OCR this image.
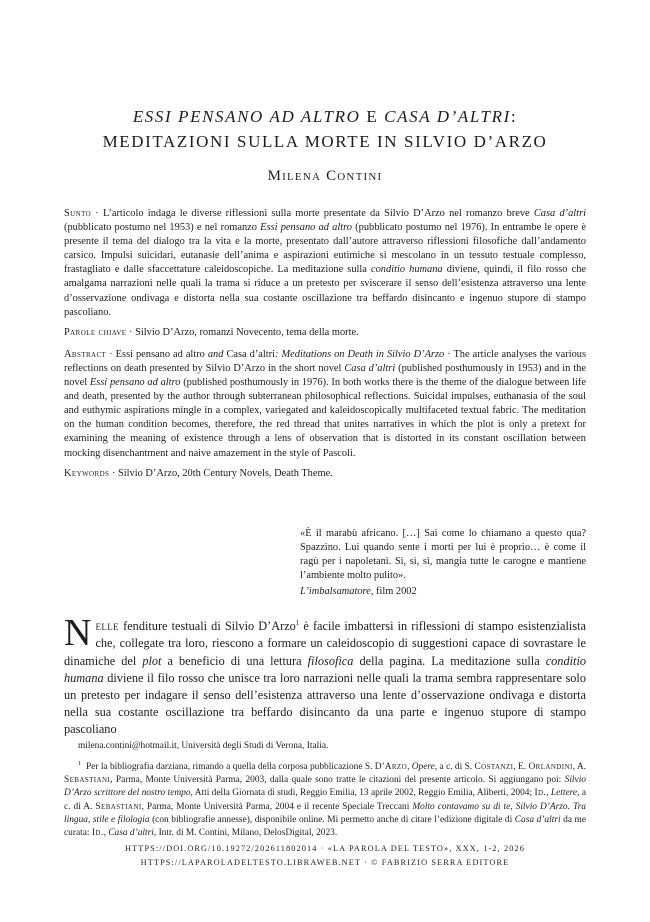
ESSI PENSANO AD ALTRO E CASA D’ALTRI:
MEDITAZIONI SULLA MORTE IN SILVIO D’ARZO
Milena Contini

Sunto · L’articolo indaga le diverse riflessioni sulla morte presentate da Silvio D’Arzo nel romanzo breve Casa d’altri (pubblicato postumo nel 1953) e nel romanzo Essi pensano ad altro (pubblicato postumo nel 1976). In entrambe le opere è presente il tema del dialogo tra la vita e la morte, presentato dall’autore attraverso riflessioni filosofiche dall’andamento carsico. Impulsi suicidari, eutanasie dell’anima e aspirazioni eutimiche si mescolano in un tessuto testuale complesso, frastagliato e dalle sfaccettature caleidoscopiche. La meditazione sulla conditio humana diviene, quindi, il filo rosso che amalgama narrazioni nelle quali la trama si riduce a un pretesto per sviscerare il senso dell’esistenza attraverso una lente d’osservazione ondivaga e distorta nella sua costante oscillazione tra beffardo disincanto e ingenuo stupore di stampo pascoliano.

Parole chiave · Silvio D’Arzo, romanzi Novecento, tema della morte.

Abstract · Essi pensano ad altro and Casa d’altri: Meditations on Death in Silvio D’Arzo · The article analyses the various reflections on death presented by Silvio D’Arzo in the short novel Casa d’altri (published posthumously in 1953) and in the novel Essi pensano ad altro (published posthumously in 1976). In both works there is the theme of the dialogue between life and death, presented by the author through subterranean philosophical reflections. Suicidal impulses, euthanasia of the soul and euthymic aspirations mingle in a complex, variegated and kaleidoscopically multifaceted textual fabric. The meditation on the human condition becomes, therefore, the red thread that unites narratives in which the plot is only a pretext for examining the meaning of existence through a lens of observation that is distorted in its constant oscillation between mocking disenchantment and naive amazement in the style of Pascoli.

Keywords · Silvio D’Arzo, 20th Century Novels, Death Theme.

«È il marabù africano. […] Sai come lo chiamano a questo qua? Spazzino. Lui quando sente i morti per lui è proprio… è come il ragù per i napoletani. Sì, sì, sì, mangia tutte le carogne e mantiene l’ambiente molto pulito».

L’imbalsamatore, film 2002

Nelle fenditure testuali di Silvio D’Arzo$^1$ è facile imbattersi in riflessioni di stampo esistenzialista che, collegate tra loro, riescono a formare un caleidoscopio di suggestioni capace di sovrastare le dinamiche del plot a beneficio di una lettura filosofica della pagina. La meditazione sulla conditio humana diviene il filo rosso che unisce tra loro narrazioni nelle quali la trama sembra rappresentare solo un pretesto per indagare il senso dell’esistenza attraverso una lente d’osservazione ondivaga e distorta nella sua costante oscillazione tra beffardo disincanto da una parte e ingenuo stupore di stampo pascoliano

milena.contini@hotmail.it, Università degli Studi di Verona, Italia.

$^1$ Per la bibliografia darziana, rimando a quella della corposa pubblicazione S. D’Arzo, Opere, a c. di S. Costanzi, E. Orlandini, A. Sebastiani, Parma, Monte Università Parma, 2003, dalla quale sono tratte le citazioni del presente articolo. Si aggiungano poi: Silvio D’Arzo scrittore del nostro tempo, Atti della Giornata di studi, Reggio Emilia, 13 aprile 2002, Reggio Emilia, Aliberti, 2004; Id., Lettere, a c. di A. Sebastiani, Parma, Monte Università Parma, 2004 e il recente Speciale Treccani Molto contavamo su di te, Silvio D’Arzo. Tra lingua, stile e filologia (con bibliografie annesse), disponibile online. Mi permetto anche di citare l’edizione digitale di Casa d’altri da me curata: Id., Casa d’altri, Intr. di M. Contini, Milano, DelosDigital, 2023.

HTTPS://DOI.ORG/10.19272/202611802014 · «LA PAROLA DEL TESTO», XXX, 1-2, 2026
HTTPS://LAPAROLADELTESTO.LIBRAWEB.NET · © FABRIZIO SERRA EDITORE
